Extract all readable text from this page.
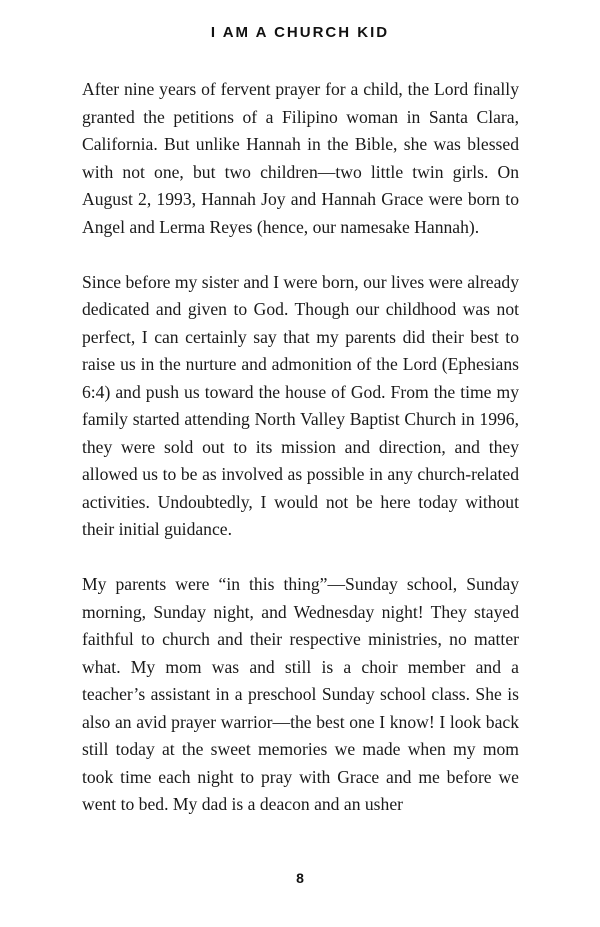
I AM A CHURCH KID

After nine years of fervent prayer for a child, the Lord finally granted the petitions of a Filipino woman in Santa Clara, California. But unlike Hannah in the Bible, she was blessed with not one, but two children—two little twin girls. On August 2, 1993, Hannah Joy and Hannah Grace were born to Angel and Lerma Reyes (hence, our namesake Hannah).

Since before my sister and I were born, our lives were already dedicated and given to God. Though our childhood was not perfect, I can certainly say that my parents did their best to raise us in the nurture and admonition of the Lord (Ephesians 6:4) and push us toward the house of God. From the time my family started attending North Valley Baptist Church in 1996, they were sold out to its mission and direction, and they allowed us to be as involved as possible in any church-related activities. Undoubtedly, I would not be here today without their initial guidance.

My parents were “in this thing”—Sunday school, Sunday morning, Sunday night, and Wednesday night! They stayed faithful to church and their respective ministries, no matter what. My mom was and still is a choir member and a teacher’s assistant in a preschool Sunday school class. She is also an avid prayer warrior—the best one I know! I look back still today at the sweet memories we made when my mom took time each night to pray with Grace and me before we went to bed. My dad is a deacon and an usher

8
